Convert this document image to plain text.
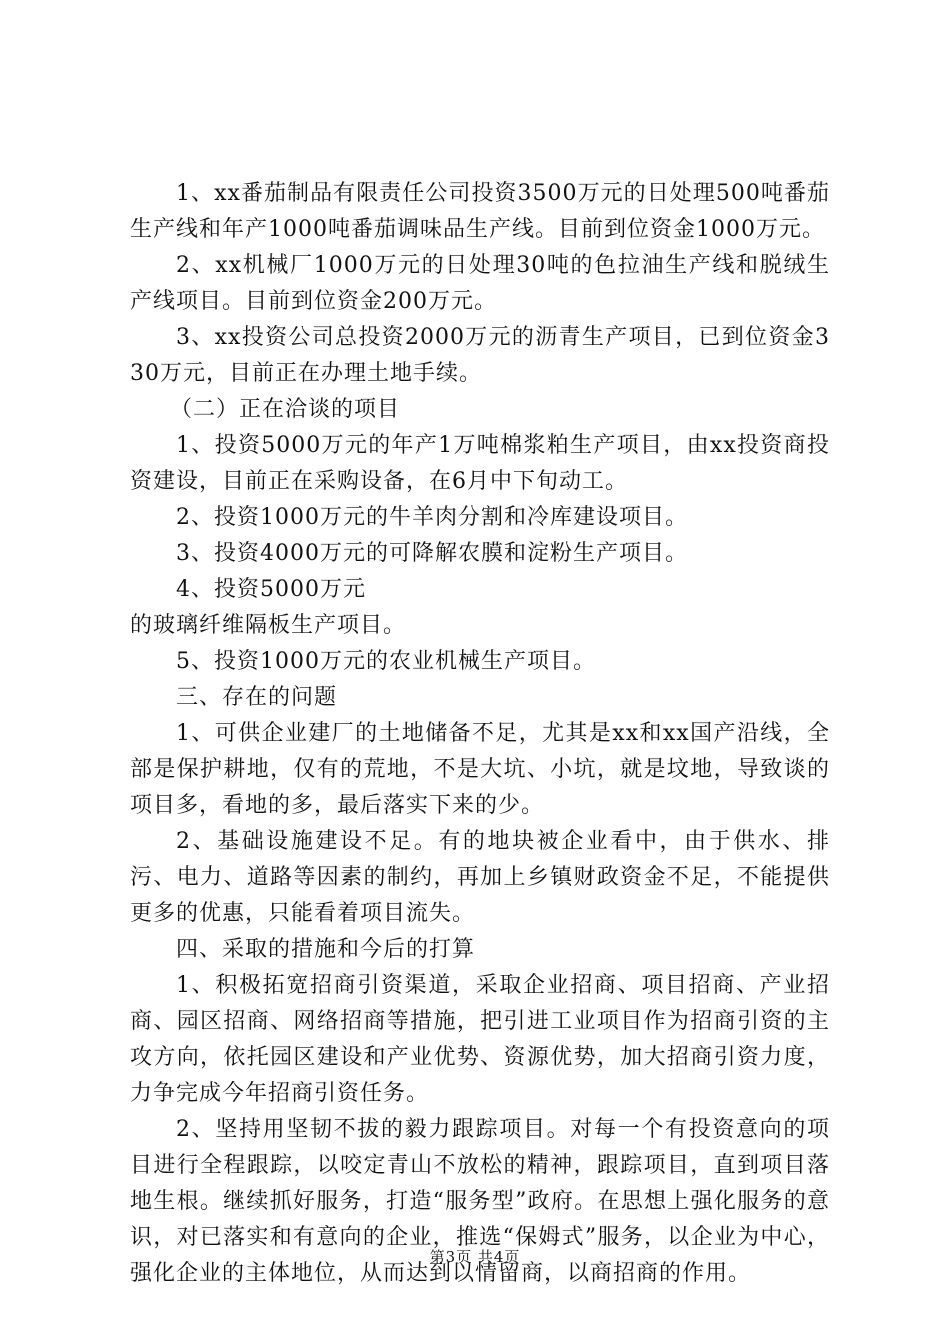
1、xx番茄制品有限责任公司投资3500万元的日处理500吨番茄生产线和年产1000吨番茄调味品生产线。目前到位资金1000万元。

2、xx机械厂1000万元的日处理30吨的色拉油生产线和脱绒生产线项目。目前到位资金200万元。

3、xx投资公司总投资2000万元的沥青生产项目，已到位资金330万元，目前正在办理土地手续。

（二）正在洽谈的项目

1、投资5000万元的年产1万吨棉浆粕生产项目，由xx投资商投资建设，目前正在采购设备，在6月中下旬动工。

2、投资1000万元的牛羊肉分割和冷库建设项目。

3、投资4000万元的可降解农膜和淀粉生产项目。

4、投资5000万元

的玻璃纤维隔板生产项目。

5、投资1000万元的农业机械生产项目。

三、存在的问题

1、可供企业建厂的土地储备不足，尤其是xx和xx国产沿线，全部是保护耕地，仅有的荒地，不是大坑、小坑，就是坟地，导致谈的项目多，看地的多，最后落实下来的少。

2、基础设施建设不足。有的地块被企业看中，由于供水、排污、电力、道路等因素的制约，再加上乡镇财政资金不足，不能提供更多的优惠，只能看着项目流失。

四、采取的措施和今后的打算

1、积极拓宽招商引资渠道，采取企业招商、项目招商、产业招商、园区招商、网络招商等措施，把引进工业项目作为招商引资的主攻方向，依托园区建设和产业优势、资源优势，加大招商引资力度，力争完成今年招商引资任务。

2、坚持用坚韧不拔的毅力跟踪项目。对每一个有投资意向的项目进行全程跟踪，以咬定青山不放松的精神，跟踪项目，直到项目落地生根。继续抓好服务，打造“服务型”政府。在思想上强化服务的意识，对已落实和有意向的企业，推选“保姆式”服务，以企业为中心，强化企业的主体地位，从而达到以情留商，以商招商的作用。

第3页 共4页
